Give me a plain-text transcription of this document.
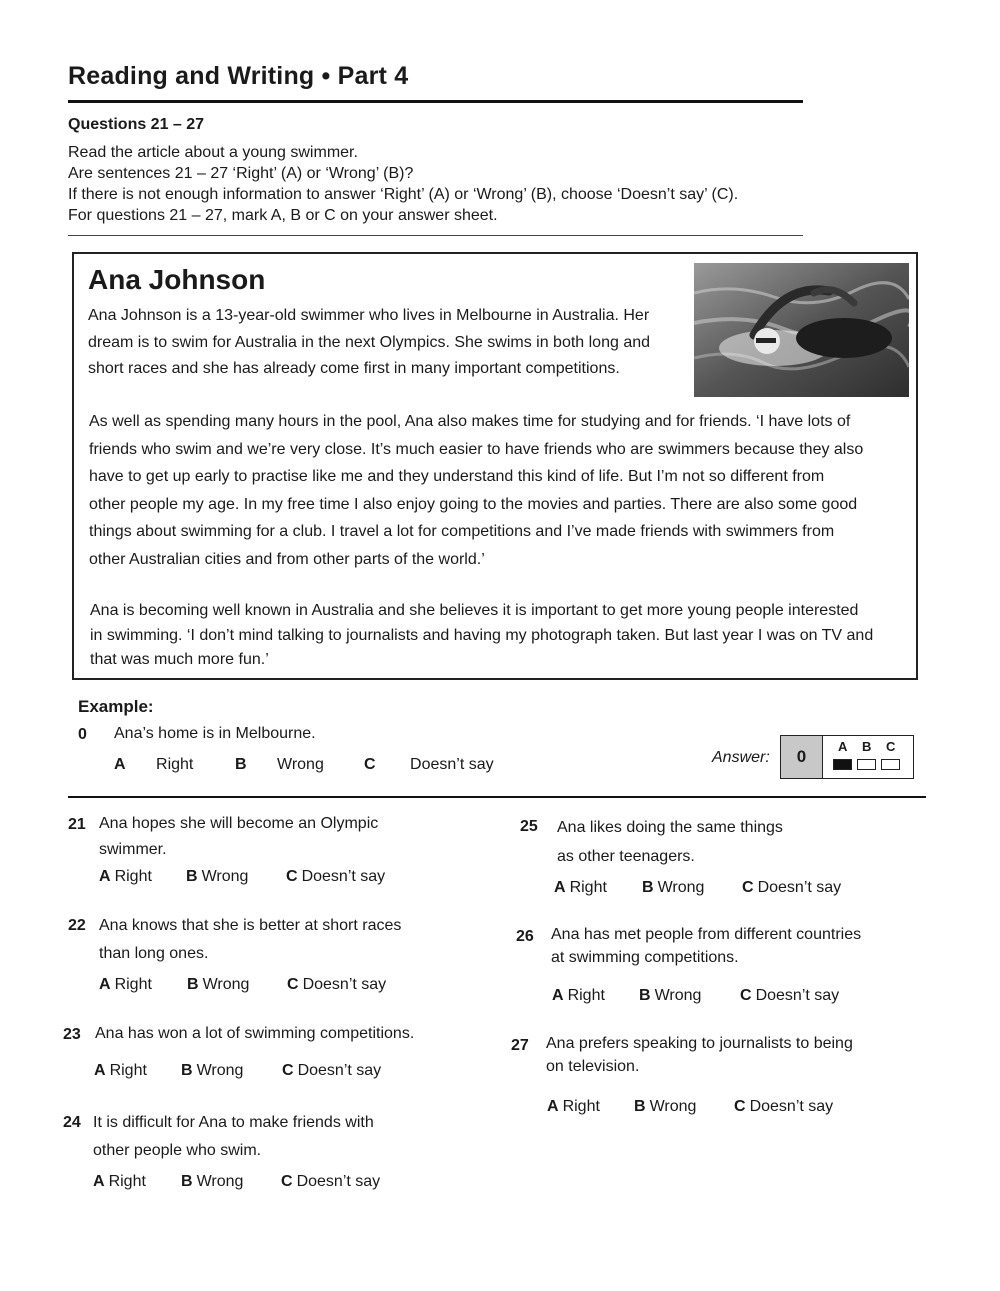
Reading and Writing • Part 4
Questions 21 – 27
Read the article about a young swimmer.
Are sentences 21 – 27 ‘Right’ (A) or ‘Wrong’ (B)?
If there is not enough information to answer ‘Right’ (A) or ‘Wrong’ (B), choose ‘Doesn’t say’ (C).
For questions 21 – 27, mark A, B or C on your answer sheet.
Ana Johnson
Ana Johnson is a 13-year-old swimmer who lives in Melbourne in Australia. Her
dream is to swim for Australia in the next Olympics. She swims in both long and
short races and she has already come first in many important competitions.
As well as spending many hours in the pool, Ana also makes time for studying and for friends. ‘I have lots of
friends who swim and we’re very close. It’s much easier to have friends who are swimmers because they also
have to get up early to practise like me and they understand this kind of life. But I’m not so different from
other people my age. In my free time I also enjoy going to the movies and parties. There are also some good
things about swimming for a club. I travel a lot for competitions and I’ve made friends with swimmers from
other Australian cities and from other parts of the world.’
Ana is becoming well known in Australia and she believes it is important to get more young people interested
in swimming. ‘I don’t mind talking to journalists and having my photograph taken. But last year I was on TV and
that was much more fun.’
Example:
0 Ana’s home is in Melbourne.
A Right	B Wrong	C Doesn’t say	Answer:	0
A B C
21 Ana hopes she will become an Olympic
swimmer.
A Right B Wrong C Doesn’t say
22 Ana knows that she is better at short races
than long ones.
A Right B Wrong C Doesn’t say
23 Ana has won a lot of swimming competitions.
A Right B Wrong C Doesn’t say
24 It is difficult for Ana to make friends with
other people who swim.
A Right B Wrong C Doesn’t say
25 Ana likes doing the same things
as other teenagers.
A Right B Wrong C Doesn’t say
26 Ana has met people from different countries
at swimming competitions.
A Right B Wrong C Doesn’t say
27 Ana prefers speaking to journalists to being
on television.
A Right B Wrong C Doesn’t say
